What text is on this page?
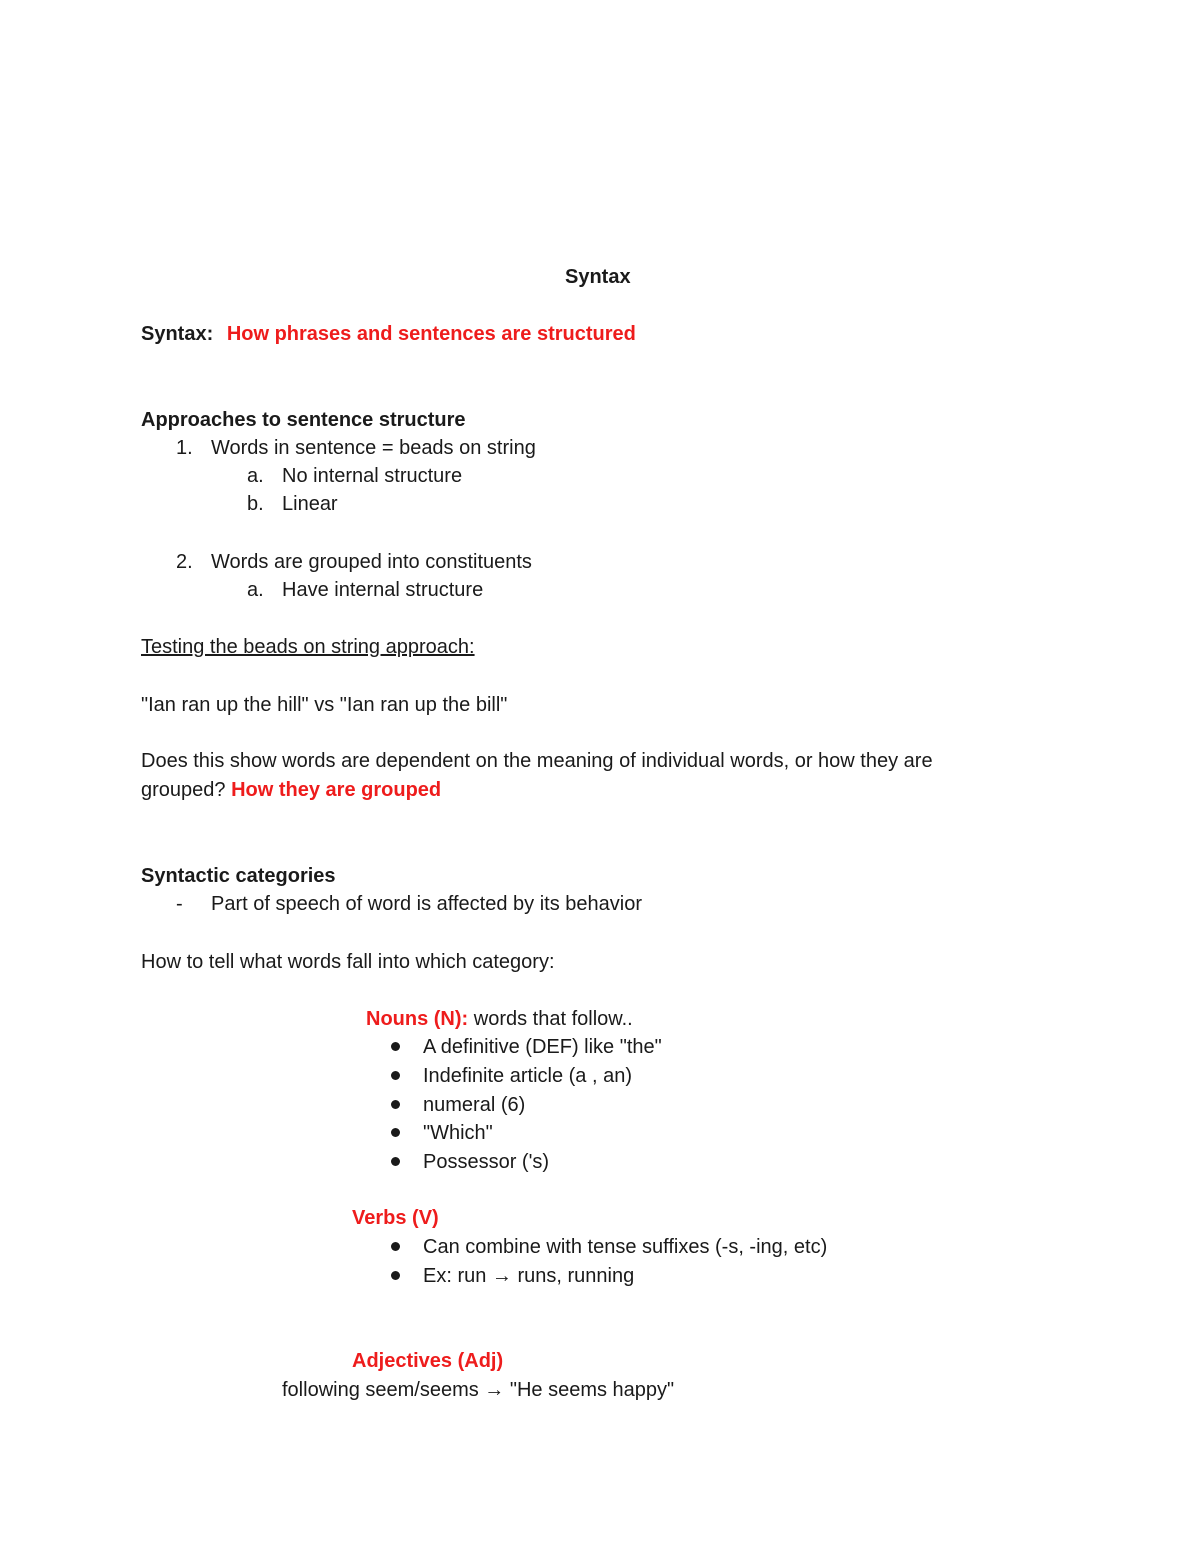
Syntax
Syntax: How phrases and sentences are structured
Approaches to sentence structure
1. Words in sentence = beads on string
a. No internal structure
b. Linear
2. Words are grouped into constituents
a. Have internal structure
Testing the beads on string approach:
"Ian ran up the hill" vs "Ian ran up the bill"
Does this show words are dependent on the meaning of individual words, or how they are
grouped? How they are grouped
Syntactic categories
- Part of speech of word is affected by its behavior
How to tell what words fall into which category:
Nouns (N): words that follow..
A definitive (DEF) like "the"
Indefinite article (a , an)
numeral (6)
"Which"
Possessor ('s)
Verbs (V)
Can combine with tense suffixes (-s, -ing, etc)
Ex: run → runs, running
Adjectives (Adj)
following seem/seems → "He seems happy"
